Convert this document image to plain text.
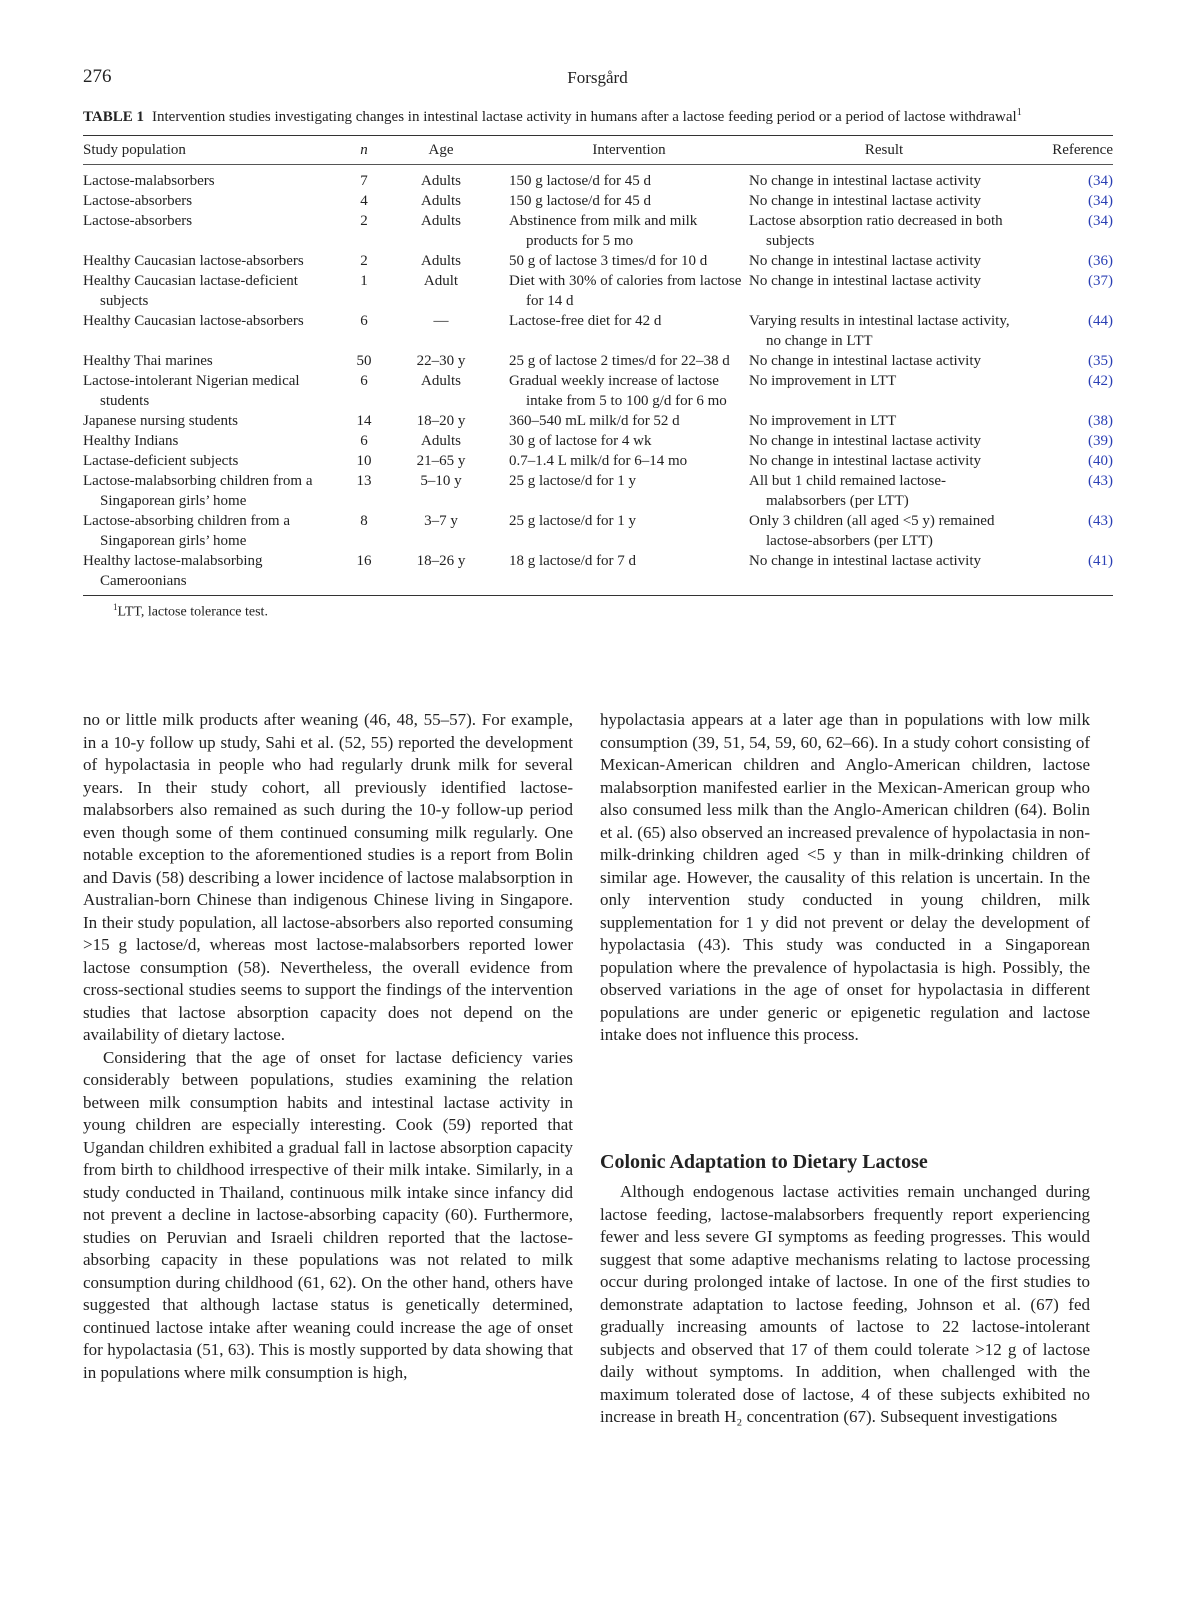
276	Forsgård
TABLE 1 Intervention studies investigating changes in intestinal lactase activity in humans after a lactose feeding period or a period of lactose withdrawal$^1$
Study population	n	Age	Intervention	Result	Reference
Lactose-malabsorbers	7	Adults	150 g lactose/d for 45 d	No change in intestinal lactase activity	(34)

Lactose-absorbers	4	Adults	150 g lactose/d for 45 d	No change in intestinal lactase activity	(34)

Lactose-absorbers	2	Adults	Abstinence from milk and milk products for 5 mo	Lactose absorption ratio decreased in both subjects	(34)

Healthy Caucasian lactose-absorbers	2	Adults	50 g of lactose 3 times/d for 10 d	No change in intestinal lactase activity	(36)

Healthy Caucasian lactase-deficient subjects	1	Adult	Diet with 30% of calories from lactose for 14 d	No change in intestinal lactase activity	(37)

Healthy Caucasian lactose-absorbers	6	—	Lactose-free diet for 42 d	Varying results in intestinal lactase activity, no change in LTT	(44)

Healthy Thai marines	50	22–30 y	25 g of lactose 2 times/d for 22–38 d	No change in intestinal lactase activity	(35)

Lactose-intolerant Nigerian medical students	6	Adults	Gradual weekly increase of lactose intake from 5 to 100 g/d for 6 mo	No improvement in LTT	(42)

Japanese nursing students	14	18–20 y	360–540 mL milk/d for 52 d	No improvement in LTT	(38)

Healthy Indians	6	Adults	30 g of lactose for 4 wk	No change in intestinal lactase activity	(39)

Lactase-deficient subjects	10	21–65 y	0.7–1.4 L milk/d for 6–14 mo	No change in intestinal lactase activity	(40)

Lactose-malabsorbing children from a Singaporean girls’ home	13	5–10 y	25 g lactose/d for 1 y	All but 1 child remained lactose-malabsorbers (per LTT)	(43)

Lactose-absorbing children from a Singaporean girls’ home	8	3–7 y	25 g lactose/d for 1 y	Only 3 children (all aged <5 y) remained lactose-absorbers (per LTT)	(43)

Healthy lactose-malabsorbing Cameroonians	16	18–26 y	18 g lactose/d for 7 d	No change in intestinal lactase activity	(41)
$^1$LTT, lactose tolerance test.

no or little milk products after weaning (46, 48, 55–57). For example, in a 10-y follow up study, Sahi et al. (52, 55) reported the development of hypolactasia in people who had regularly drunk milk for several years. In their study cohort, all previously identified lactose-malabsorbers also remained as such during the 10-y follow-up period even though some of them continued consuming milk regularly. One notable exception to the aforementioned studies is a report from Bolin and Davis (58) describing a lower incidence of lactose malabsorption in Australian-born Chinese than indigenous Chinese living in Singapore. In their study population, all lactose-absorbers also reported consuming >15 g lactose/d, whereas most lactose-malabsorbers reported lower lactose consumption (58). Nevertheless, the overall evidence from cross-sectional studies seems to support the findings of the intervention studies that lactose absorption capacity does not depend on the availability of dietary lactose.

Considering that the age of onset for lactase deficiency varies considerably between populations, studies examining the relation between milk consumption habits and intestinal lactase activity in young children are especially interesting. Cook (59) reported that Ugandan children exhibited a gradual fall in lactose absorption capacity from birth to childhood irrespective of their milk intake. Similarly, in a study conducted in Thailand, continuous milk intake since infancy did not prevent a decline in lactose-absorbing capacity (60). Furthermore, studies on Peruvian and Israeli children reported that the lactose-absorbing capacity in these populations was not related to milk consumption during childhood (61, 62). On the other hand, others have suggested that although lactase status is genetically determined, continued lactose intake after weaning could increase the age of onset for hypolactasia (51, 63). This is mostly supported by data showing that in populations where milk consumption is high,

hypolactasia appears at a later age than in populations with low milk consumption (39, 51, 54, 59, 60, 62–66). In a study cohort consisting of Mexican-American children and Anglo-American children, lactose malabsorption manifested earlier in the Mexican-American group who also consumed less milk than the Anglo-American children (64). Bolin et al. (65) also observed an increased prevalence of hypolactasia in non-milk-drinking children aged <5 y than in milk-drinking children of similar age. However, the causality of this relation is uncertain. In the only intervention study conducted in young children, milk supplementation for 1 y did not prevent or delay the development of hypolactasia (43). This study was conducted in a Singaporean population where the prevalence of hypolactasia is high. Possibly, the observed variations in the age of onset for hypolactasia in different populations are under generic or epigenetic regulation and lactose intake does not influence this process.

Colonic Adaptation to Dietary Lactose

Although endogenous lactase activities remain unchanged during lactose feeding, lactose-malabsorbers frequently report experiencing fewer and less severe GI symptoms as feeding progresses. This would suggest that some adaptive mechanisms relating to lactose processing occur during prolonged intake of lactose. In one of the first studies to demonstrate adaptation to lactose feeding, Johnson et al. (67) fed gradually increasing amounts of lactose to 22 lactose-intolerant subjects and observed that 17 of them could tolerate >12 g of lactose daily without symptoms. In addition, when challenged with the maximum tolerated dose of lactose, 4 of these subjects exhibited no increase in breath H₂ concentration (67). Subsequent investigations
